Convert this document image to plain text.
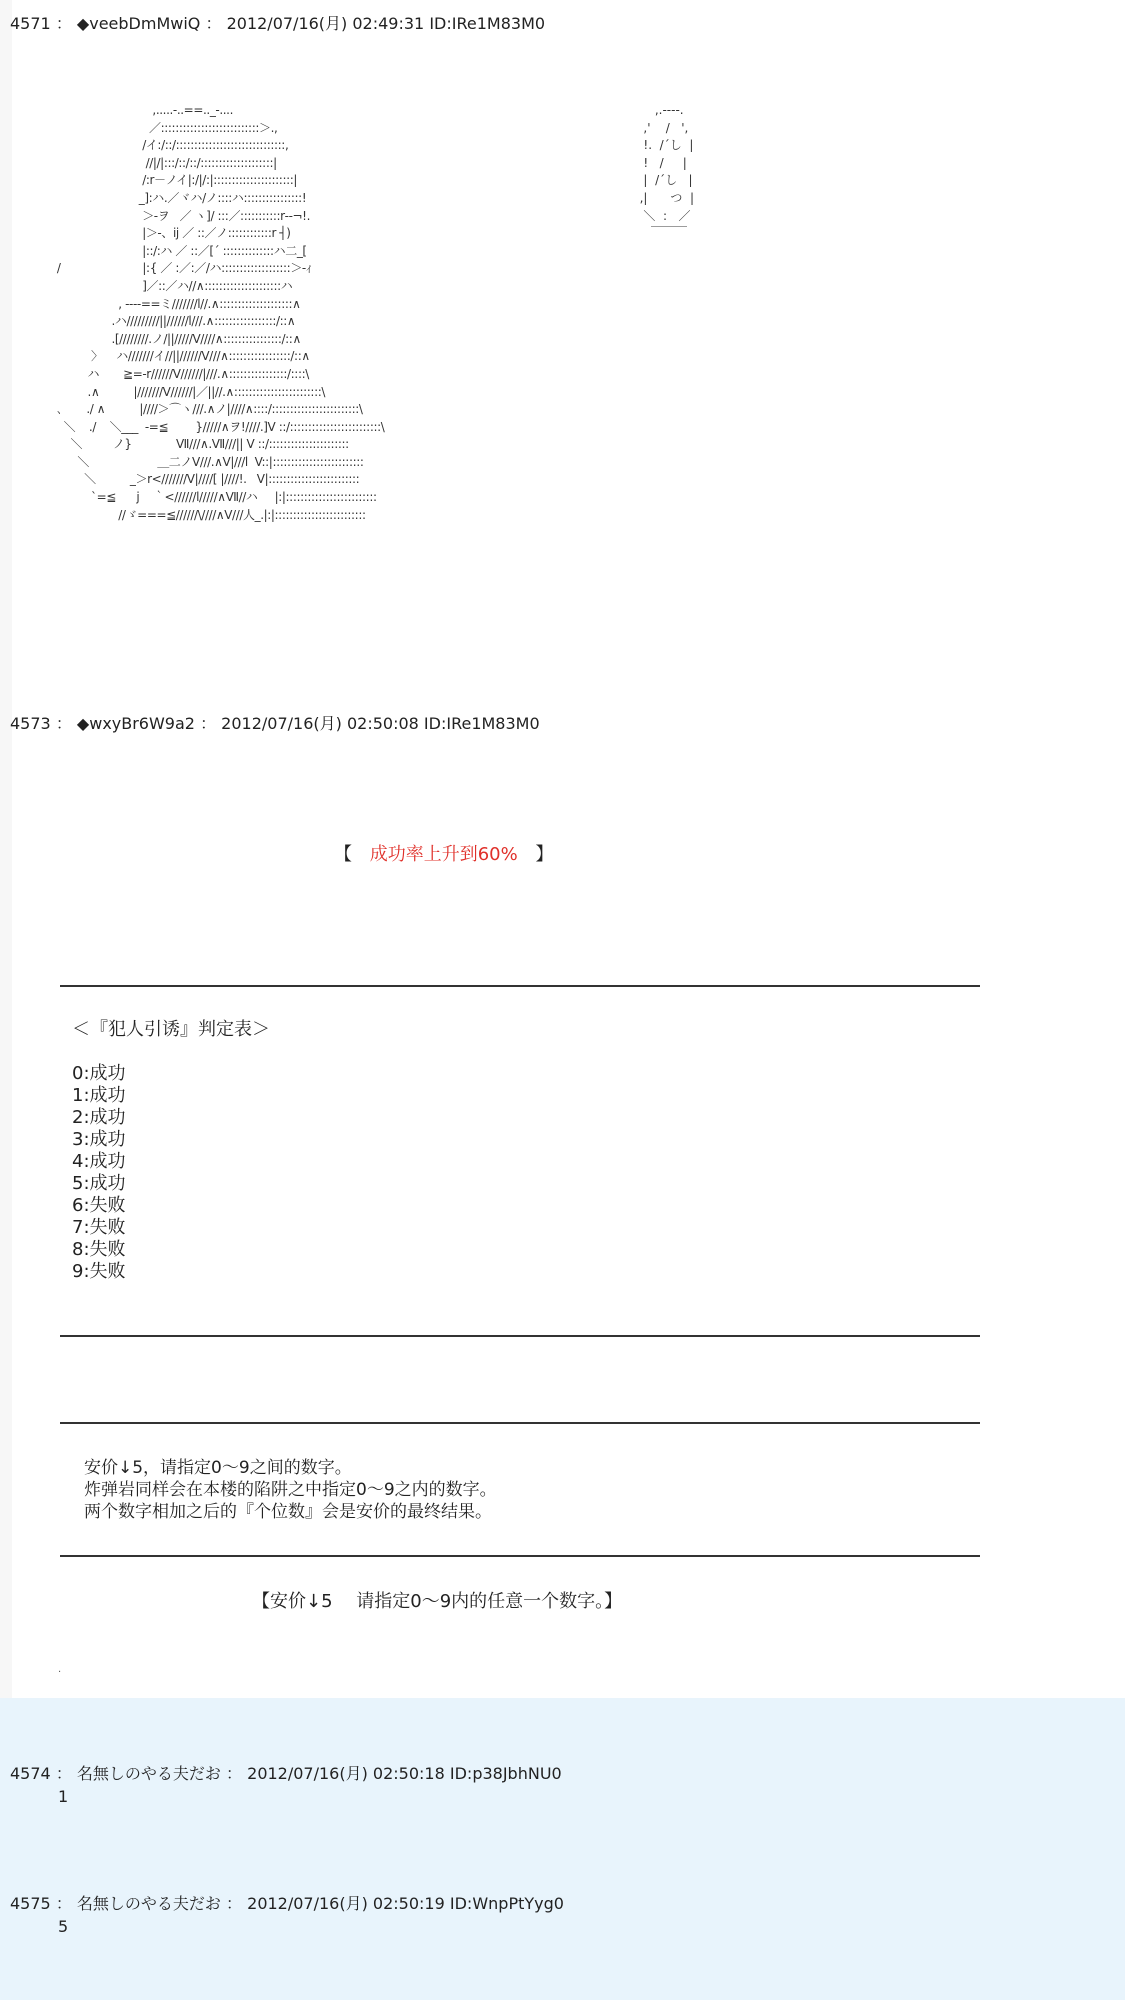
4571 ： ◆veebDmMwiQ ： 2012/07/16(月) 02:49:31 ID:IRe1M83M0
,.....-..==.._-....
／:::::::::::::::::::::::::::＞.,
/イ:/::/::::::::::::::::::::::::::::::,
//|/|:::/::/::/::::::::::::::::::::|
/:r－ノイ|:/|/:|::::::::::::::::::::::|
_]:ハ.／ヾハ/ノ::::ハ::::::::::::::::!
＞-ヲ   ／ ヽ]/ :::／:::::::::::r‐‐¬!.
|＞-、ij ／ ::／ノ::::::::::::r ┤)
|::/:ハ ／ ::／[´ ::::::::::::::ハ二_[
/                        |:{ ／ :／:／/ハ:::::::::::::::::::＞-ｨ
]／::／ハ//∧:::::::::::::::::::::ハ
, ‐‐‐‐==ミ///////l//.∧::::::::::::::::::::∧
.ハ/////////||//////l///.∧:::::::::::::::::/::∧
.[////////.ノ/||/////V////∧::::::::::::::::/::∧
〉    ハ///////イ//||//////V///∧:::::::::::::::::/::∧
ハ       ≧=-r//////V//////|///.∧::::::::::::::::/::::\
.∧          |///////V//////|／||//.∧::::::::::::::::::::::::\
､       ./ ∧          |////＞⌒ヽ///.∧ノ|////∧::::/::::::::::::::::::::::::\
＼    ./    ＼___  -=≦        }/////∧ヲ!////.]V ::/:::::::::::::::::::::::::\
＼         ノ}             Ⅶ///∧.Ⅶ///|| V ::/::::::::::::::::::::::
＼                    ＿二ノV///.∧V|///l  V::|:::::::::::::::::::::::::
＼          _＞r<///////V|////[ |////!.   V|:::::::::::::::::::::::::
`=≦      j    ｀<//////l/////∧Ⅶ//ハ     |:|:::::::::::::::::::::::::
//ゞ===≦//////\////∧V///人_.|:|:::::::::::::::::::::::::
,.‐‐‐‐.
,'    /   ',
!.  /´し  |
!   /     |
|  /´し   |
,|      つ  |
＼  :   ／
￣￣￣
4573 ： ◆wxyBr6W9a2 ： 2012/07/16(月) 02:50:08 ID:IRe1M83M0
【 成功率上升到60% 】
＜『犯人引诱』判定表＞
0:成功
1:成功
2:成功
3:成功
4:成功
5:成功
6:失败
7:失败
8:失败
9:失败
安价↓5，请指定0～9之间的数字。
炸弹岩同样会在本楼的陷阱之中指定0～9之内的数字。
两个数字相加之后的『个位数』会是安价的最终结果。
【安价↓5　 请指定0～9内的任意一个数字。】
.
4574 ： 名無しのやる夫だお ： 2012/07/16(月) 02:50:18 ID:p38JbhNU0
1
4575 ： 名無しのやる夫だお ： 2012/07/16(月) 02:50:19 ID:WnpPtYyg0
5
